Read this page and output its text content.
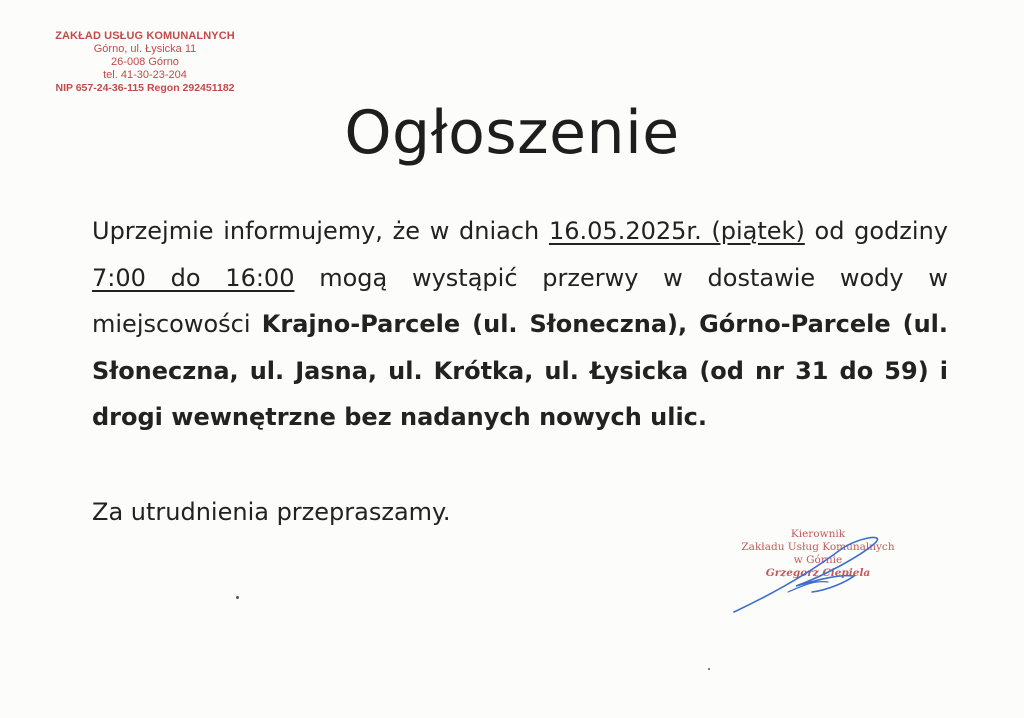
ZAKŁAD USŁUG KOMUNALNYCH
Górno, ul. Łysicka 11
26-008 Górno
tel. 41-30-23-204
NIP 657-24-36-115 Regon 292451182
Ogłoszenie
Uprzejmie informujemy, że w dniach 16.05.2025r. (piątek) od godziny 7:00 do 16:00 mogą wystąpić przerwy w dostawie wody w miejscowości Krajno-Parcele (ul. Słoneczna), Górno-Parcele (ul. Słoneczna, ul. Jasna, ul. Krótka, ul. Łysicka (od nr 31 do 59) i drogi wewnętrzne bez nadanych nowych ulic.
Za utrudnienia przepraszamy.
Kierownik
Zakładu Usług Komunalnych
w Górnie
Grzegorz Ciepiela
